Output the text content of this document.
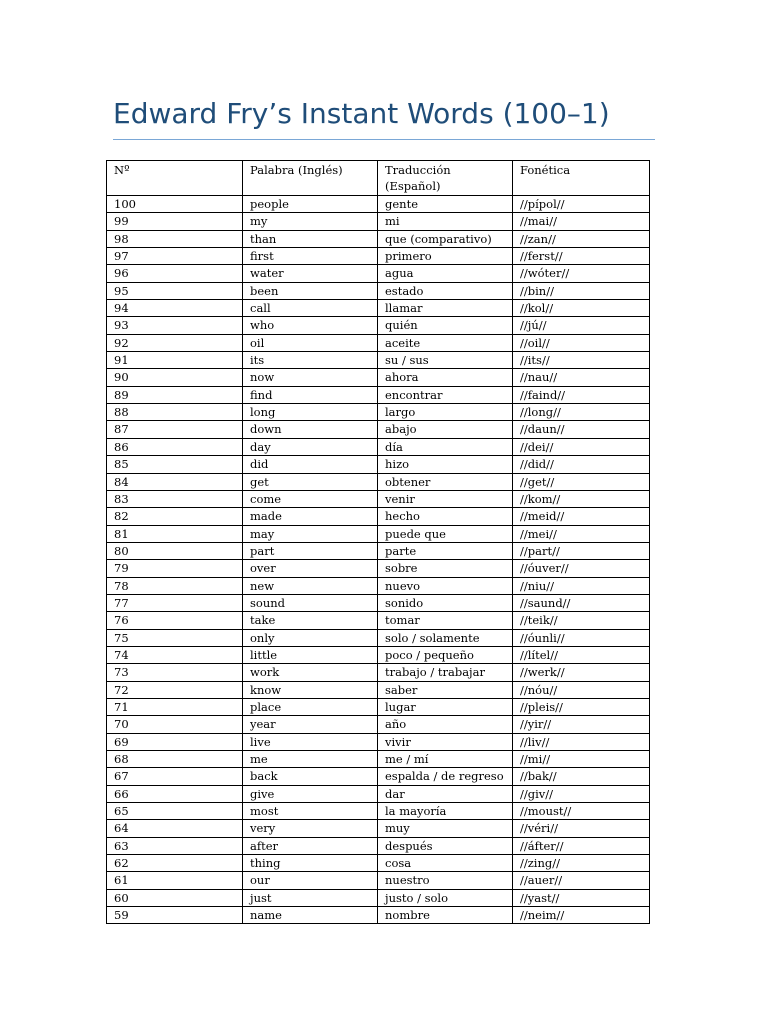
Edward Fry’s Instant Words (100–1)
Nº	Palabra (Inglés)	Traducción (Español)	Fonética
100	people	gente	//pípol//
99	my	mi	//mai//
98	than	que (comparativo)	//zan//
97	first	primero	//ferst//
96	water	agua	//wóter//
95	been	estado	//bin//
94	call	llamar	//kol//
93	who	quién	//jú//
92	oil	aceite	//oil//
91	its	su / sus	//its//
90	now	ahora	//nau//
89	find	encontrar	//faind//
88	long	largo	//long//
87	down	abajo	//daun//
86	day	día	//dei//
85	did	hizo	//did//
84	get	obtener	//get//
83	come	venir	//kom//
82	made	hecho	//meid//
81	may	puede que	//mei//
80	part	parte	//part//
79	over	sobre	//óuver//
78	new	nuevo	//niu//
77	sound	sonido	//saund//
76	take	tomar	//teik//
75	only	solo / solamente	//óunli//
74	little	poco / pequeño	//lítel//
73	work	trabajo / trabajar	//werk//
72	know	saber	//nóu//
71	place	lugar	//pleis//
70	year	año	//yir//
69	live	vivir	//liv//
68	me	me / mí	//mi//
67	back	espalda / de regreso	//bak//
66	give	dar	//giv//
65	most	la mayoría	//moust//
64	very	muy	//véri//
63	after	después	//áfter//
62	thing	cosa	//zing//
61	our	nuestro	//auer//
60	just	justo / solo	//yast//
59	name	nombre	//neim//
